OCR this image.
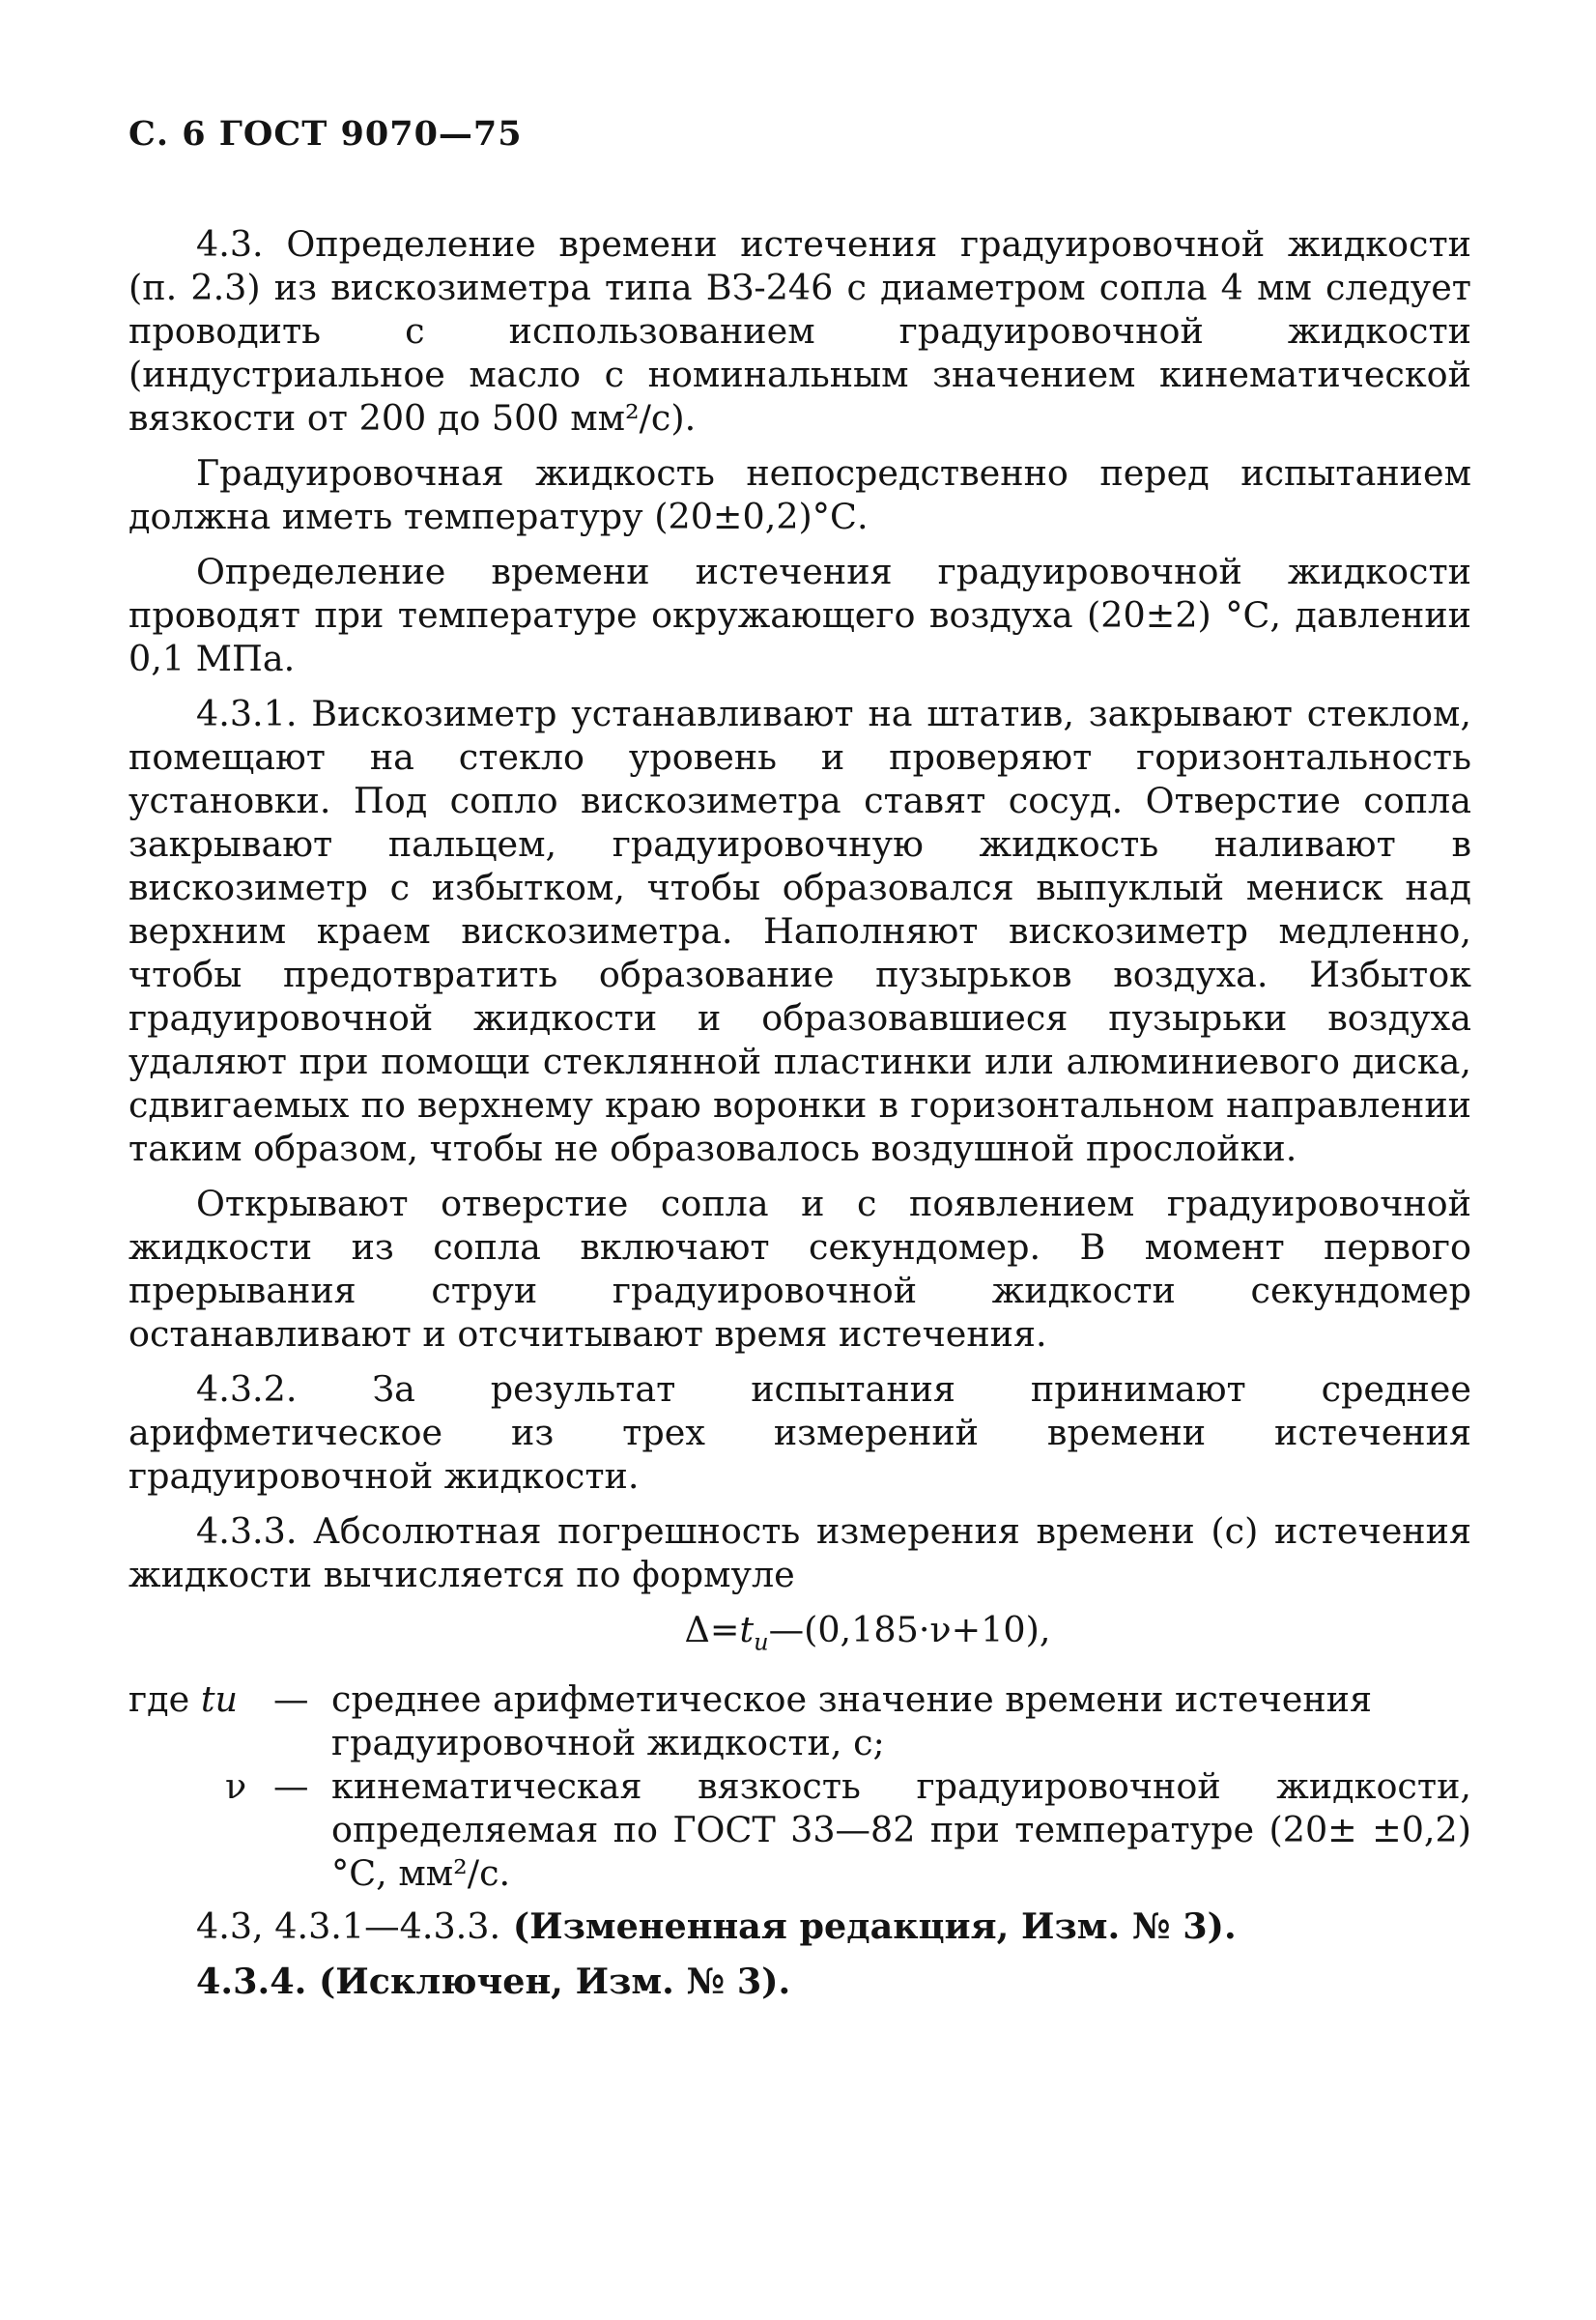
С. 6 ГОСТ 9070—75

4.3. Определение времени истечения градуировочной жидкости (п. 2.3) из вискозиметра типа ВЗ-246 с диаметром сопла 4 мм следует проводить с использованием градуировочной жидкости (индустриальное масло с номинальным значением кинематической вязкости от 200 до 500 мм²/с).

Градуировочная жидкость непосредственно перед испытанием должна иметь температуру (20±0,2)°С.

Определение времени истечения градуировочной жидкости проводят при температуре окружающего воздуха (20±2) °С, давлении 0,1 МПа.

4.3.1. Вискозиметр устанавливают на штатив, закрывают стеклом, помещают на стекло уровень и проверяют горизонтальность установки. Под сопло вискозиметра ставят сосуд. Отверстие сопла закрывают пальцем, градуировочную жидкость наливают в вискозиметр с избытком, чтобы образовался выпуклый мениск над верхним краем вискозиметра. Наполняют вискозиметр медленно, чтобы предотвратить образование пузырьков воздуха. Избыток градуировочной жидкости и образовавшиеся пузырьки воздуха удаляют при помощи стеклянной пластинки или алюминиевого диска, сдвигаемых по верхнему краю воронки в горизонтальном направлении таким образом, чтобы не образовалось воздушной прослойки.

Открывают отверстие сопла и с появлением градуировочной жидкости из сопла включают секундомер. В момент первого прерывания струи градуировочной жидкости секундомер останавливают и отсчитывают время истечения.

4.3.2. За результат испытания принимают среднее арифметическое из трех измерений времени истечения градуировочной жидкости.

4.3.3. Абсолютная погрешность измерения времени (с) истечения жидкости вычисляется по формуле

$\Delta=t_и—(0,185\cdot\nu+10)$,
где tи	— среднее арифметическое значение времени истечения
градуировочной жидкости, с;
ν — кинематическая вязкость градуировочной жидкости, определяемая по ГОСТ 33—82 при температуре (20± ±0,2) °С, мм²/с.

4.3, 4.3.1—4.3.3. (Измененная редакция, Изм. № 3).

4.3.4. (Исключен, Изм. № 3).
